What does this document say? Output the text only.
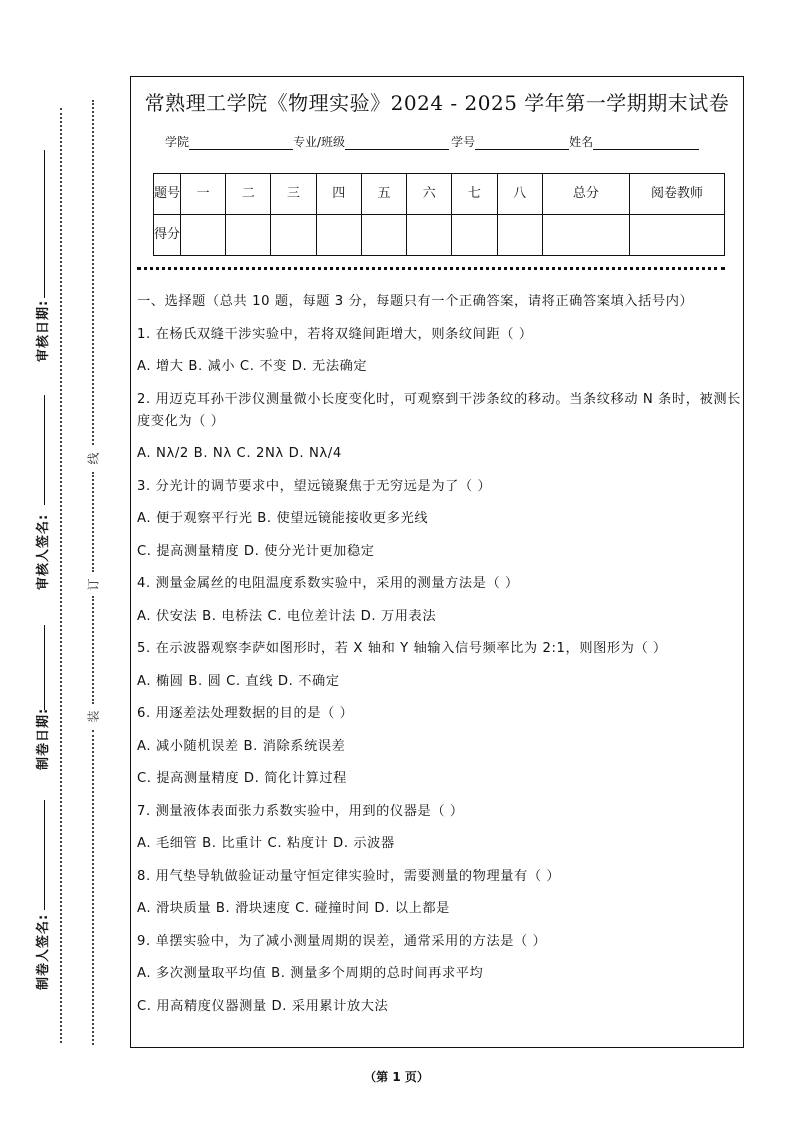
审核日期:
审核人签名:
制卷日期:
制卷人签名:
线
订
装
常熟理工学院《物理实验》2024 - 2025 学年第一学期期末试卷
学院	专业/班级	学号	姓名
题号	一	二	三	四	五	六	七	八	总分	阅卷教师
得分										

一、选择题（总共 10 题，每题 3 分，每题只有一个正确答案，请将正确答案填入括号内）

1. 在杨氏双缝干涉实验中，若将双缝间距增大，则条纹间距（ ）

A. 增大 B. 减小 C. 不变 D. 无法确定

2. 用迈克耳孙干涉仪测量微小长度变化时，可观察到干涉条纹的移动。当条纹移动 N 条时，被测长度变化为（ ）

A. Nλ/2 B. Nλ C. 2Nλ D. Nλ/4

3. 分光计的调节要求中，望远镜聚焦于无穷远是为了（ ）

A. 便于观察平行光 B. 使望远镜能接收更多光线

C. 提高测量精度 D. 使分光计更加稳定

4. 测量金属丝的电阻温度系数实验中，采用的测量方法是（ ）

A. 伏安法 B. 电桥法 C. 电位差计法 D. 万用表法

5. 在示波器观察李萨如图形时，若 X 轴和 Y 轴输入信号频率比为 2:1，则图形为（ ）

A. 椭圆 B. 圆 C. 直线 D. 不确定

6. 用逐差法处理数据的目的是（ ）

A. 减小随机误差 B. 消除系统误差

C. 提高测量精度 D. 简化计算过程

7. 测量液体表面张力系数实验中，用到的仪器是（ ）

A. 毛细管 B. 比重计 C. 粘度计 D. 示波器

8. 用气垫导轨做验证动量守恒定律实验时，需要测量的物理量有（ ）

A. 滑块质量 B. 滑块速度 C. 碰撞时间 D. 以上都是

9. 单摆实验中，为了减小测量周期的误差，通常采用的方法是（ ）

A. 多次测量取平均值 B. 测量多个周期的总时间再求平均

C. 用高精度仪器测量 D. 采用累计放大法

（第 1 页）
